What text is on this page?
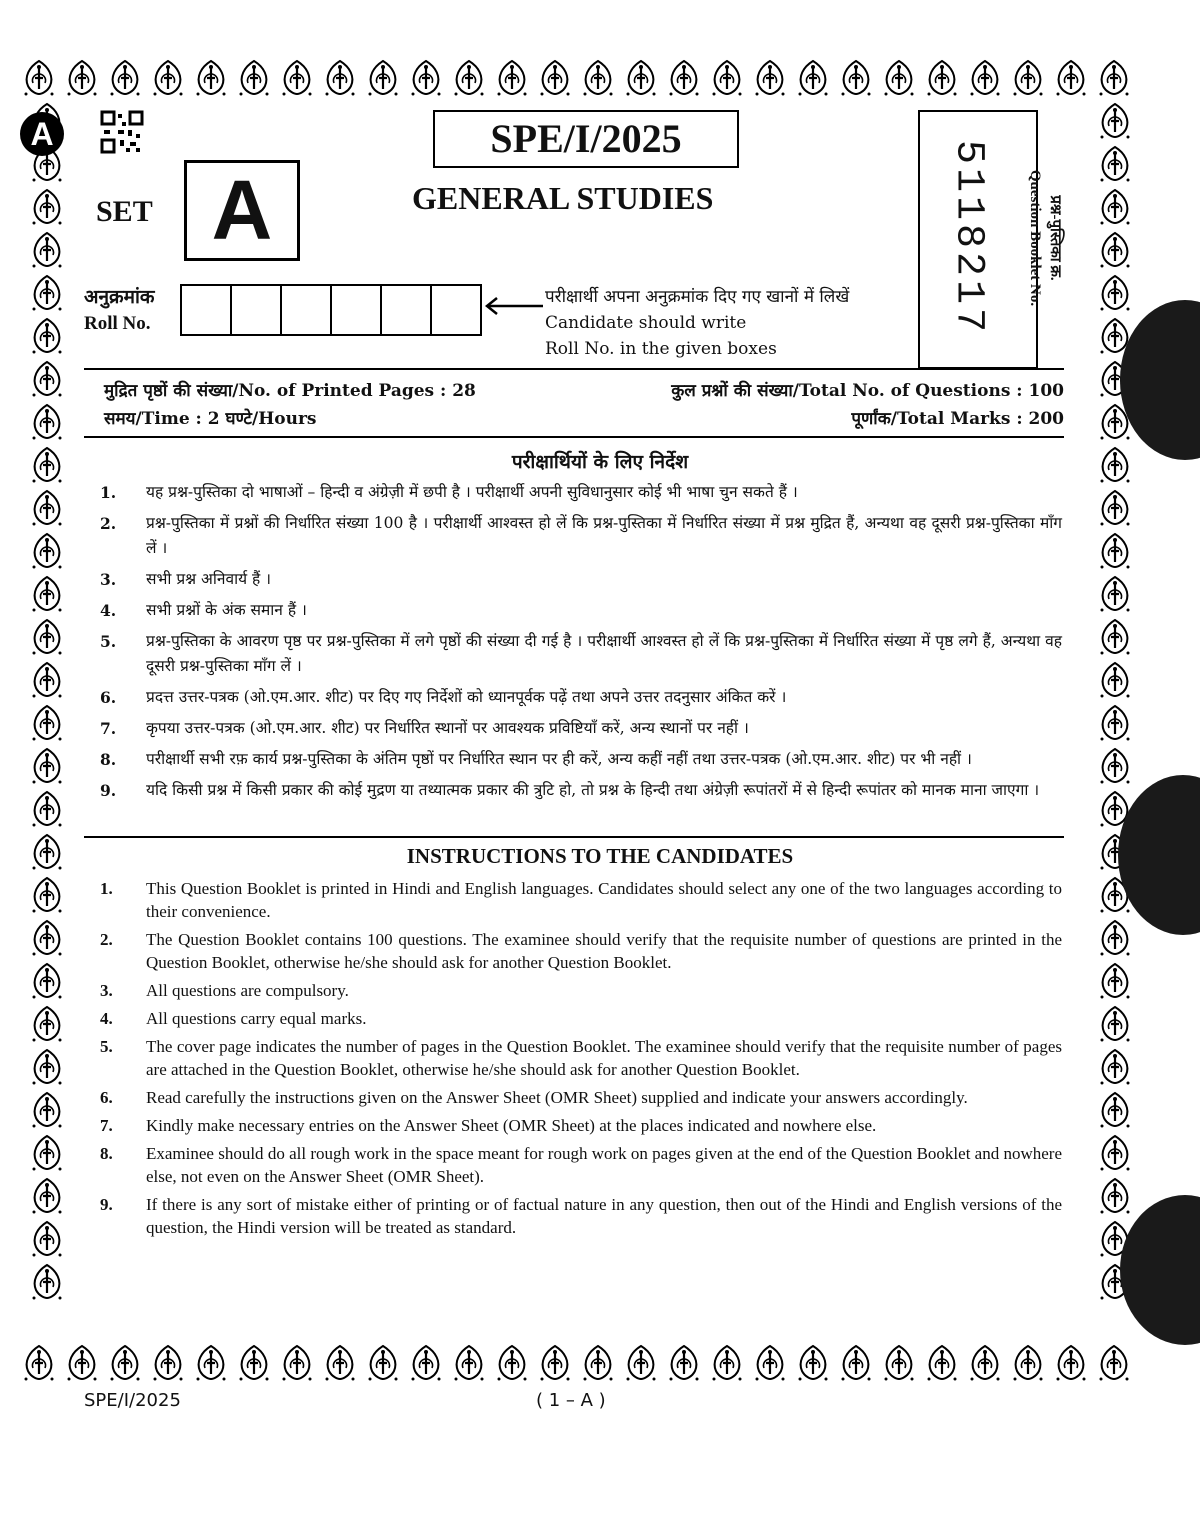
A	SPE/I/2025
GENERAL STUDIES
SET A
अनुक्रमांक
Roll No.
परीक्षार्थी अपना अनुक्रमांक दिए गए खानों में लिखें
Candidate should write
Roll No. in the given boxes
5118217	प्रश्न-पुस्तिका क्र.
Question Booklet No.
मुद्रित पृष्ठों की संख्या/No. of Printed Pages : 28	कुल प्रश्नों की संख्या/Total No. of Questions : 100
समय/Time : 2 घण्टे/Hours	पूर्णांक/Total Marks : 200
परीक्षार्थियों के लिए निर्देश
1.	यह प्रश्न-पुस्तिका दो भाषाओं – हिन्दी व अंग्रेज़ी में छपी है । परीक्षार्थी अपनी सुविधानुसार कोई भी भाषा चुन सकते हैं ।
2.	प्रश्न-पुस्तिका में प्रश्नों की निर्धारित संख्या 100 है । परीक्षार्थी आश्वस्त हो लें कि प्रश्न-पुस्तिका में निर्धारित संख्या में प्रश्न मुद्रित हैं, अन्यथा वह दूसरी प्रश्न-पुस्तिका माँग लें ।
3.	सभी प्रश्न अनिवार्य हैं ।
4.	सभी प्रश्नों के अंक समान हैं ।
5.	प्रश्न-पुस्तिका के आवरण पृष्ठ पर प्रश्न-पुस्तिका में लगे पृष्ठों की संख्या दी गई है । परीक्षार्थी आश्वस्त हो लें कि प्रश्न-पुस्तिका में निर्धारित संख्या में पृष्ठ लगे हैं, अन्यथा वह दूसरी प्रश्न-पुस्तिका माँग लें ।
6.	प्रदत्त उत्तर-पत्रक (ओ.एम.आर. शीट) पर दिए गए निर्देशों को ध्यानपूर्वक पढ़ें तथा अपने उत्तर तदनुसार अंकित करें ।
7.	कृपया उत्तर-पत्रक (ओ.एम.आर. शीट) पर निर्धारित स्थानों पर आवश्यक प्रविष्टियाँ करें, अन्य स्थानों पर नहीं ।
8.	परीक्षार्थी सभी रफ़ कार्य प्रश्न-पुस्तिका के अंतिम पृष्ठों पर निर्धारित स्थान पर ही करें, अन्य कहीं नहीं तथा उत्तर-पत्रक (ओ.एम.आर. शीट) पर भी नहीं ।
9.	यदि किसी प्रश्न में किसी प्रकार की कोई मुद्रण या तथ्यात्मक प्रकार की त्रुटि हो, तो प्रश्न के हिन्दी तथा अंग्रेज़ी रूपांतरों में से हिन्दी रूपांतर को मानक माना जाएगा ।
INSTRUCTIONS TO THE CANDIDATES
1.	This Question Booklet is printed in Hindi and English languages. Candidates should select any one of the two languages according to their convenience.
2.	The Question Booklet contains 100 questions. The examinee should verify that the requisite number of questions are printed in the Question Booklet, otherwise he/she should ask for another Question Booklet.
3.	All questions are compulsory.
4.	All questions carry equal marks.
5.	The cover page indicates the number of pages in the Question Booklet. The examinee should verify that the requisite number of pages are attached in the Question Booklet, otherwise he/she should ask for another Question Booklet.
6.	Read carefully the instructions given on the Answer Sheet (OMR Sheet) supplied and indicate your answers accordingly.
7.	Kindly make necessary entries on the Answer Sheet (OMR Sheet) at the places indicated and nowhere else.
8.	Examinee should do all rough work in the space meant for rough work on pages given at the end of the Question Booklet and nowhere else, not even on the Answer Sheet (OMR Sheet).
9.	If there is any sort of mistake either of printing or of factual nature in any question, then out of the Hindi and English versions of the question, the Hindi version will be treated as standard.
SPE/I/2025	( 1 – A )
